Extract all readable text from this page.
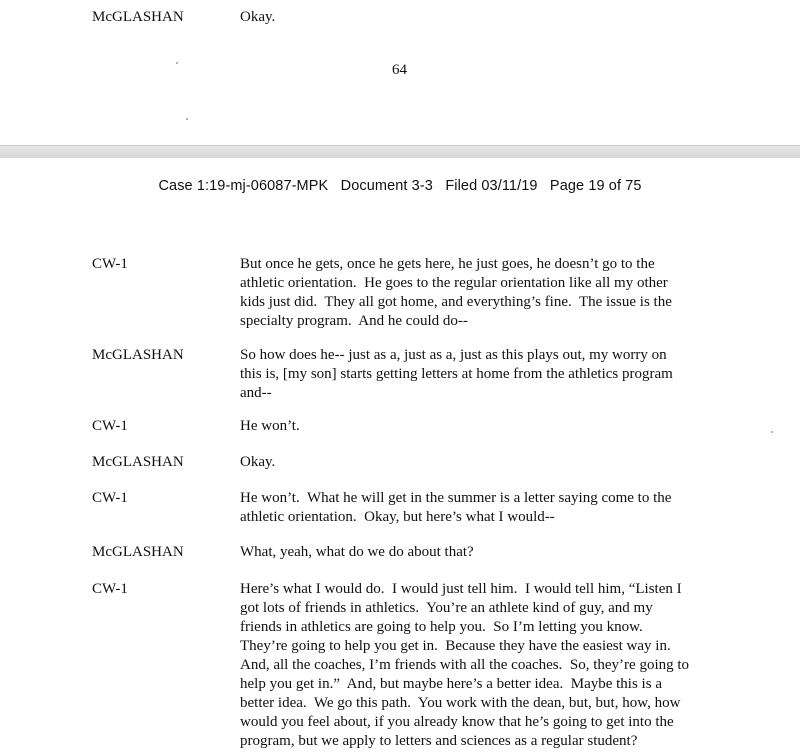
McGLASHAN	Okay.
64
Case 1:19-mj-06087-MPK   Document 3-3   Filed 03/11/19   Page 19 of 75
CW-1	But once he gets, once he gets here, he just goes, he doesn’t go to the
athletic orientation.  He goes to the regular orientation like all my other
kids just did.  They all got home, and everything’s fine.  The issue is the
specialty program.  And he could do--
McGLASHAN	So how does he-- just as a, just as a, just as this plays out, my worry on
this is, [my son] starts getting letters at home from the athletics program
and--
CW-1	He won’t.
McGLASHAN	Okay.
CW-1	He won’t.  What he will get in the summer is a letter saying come to the
athletic orientation.  Okay, but here’s what I would--
McGLASHAN	What, yeah, what do we do about that?
CW-1	Here’s what I would do.  I would just tell him.  I would tell him, “Listen I
got lots of friends in athletics.  You’re an athlete kind of guy, and my
friends in athletics are going to help you.  So I’m letting you know.
They’re going to help you get in.  Because they have the easiest way in.
And, all the coaches, I’m friends with all the coaches.  So, they’re going to
help you get in.”  And, but maybe here’s a better idea.  Maybe this is a
better idea.  We go this path.  You work with the dean, but, but, how, how
would you feel about, if you already know that he’s going to get into the
program, but we apply to letters and sciences as a regular student?
